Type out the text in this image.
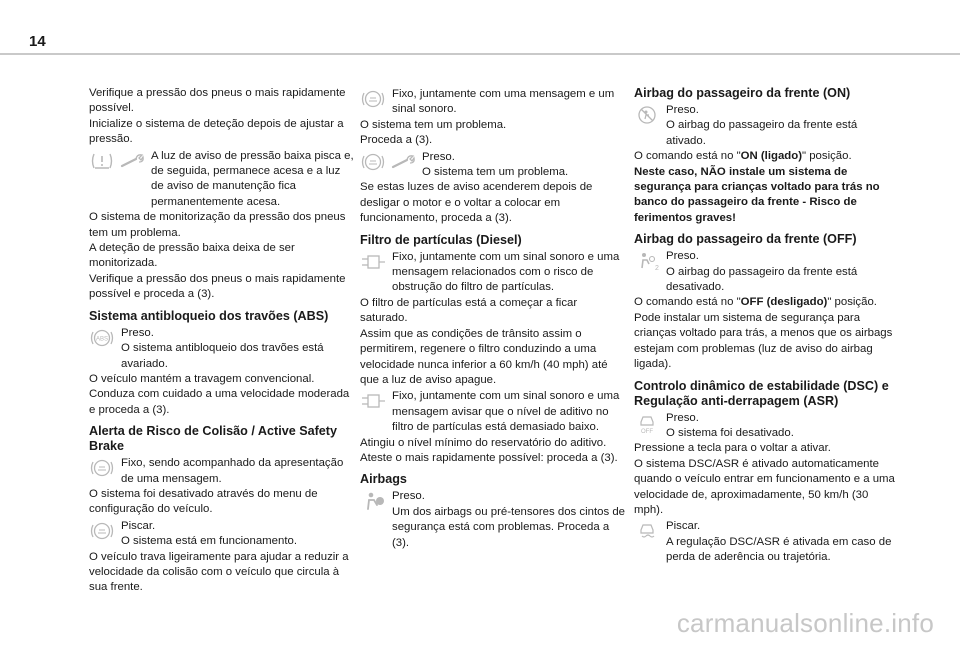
14

Verifique a pressão dos pneus o mais rapidamente possível.

Inicialize o sistema de deteção depois de ajustar a pressão.

A luz de aviso de pressão baixa pisca e, de seguida, permanece acesa e a luz de aviso de manutenção fica permanentemente acesa.

O sistema de monitorização da pressão dos pneus tem um problema.

A deteção de pressão baixa deixa de ser monitorizada.

Verifique a pressão dos pneus o mais rapidamente possível e proceda a (3).

Sistema antibloqueio dos travões (ABS)
ABS
Preso.
O sistema antibloqueio dos travões está avariado.

O veículo mantém a travagem convencional.

Conduza com cuidado a uma velocidade moderada e proceda a (3).

Alerta de Risco de Colisão / Active Safety Brake
Fixo, sendo acompanhado da apresentação de uma mensagem.

O sistema foi desativado através do menu de configuração do veículo.

Piscar.
O sistema está em funcionamento.

O veículo trava ligeiramente para ajudar a reduzir a velocidade da colisão com o veículo que circula à sua frente.

Fixo, juntamente com uma mensagem e um sinal sonoro.

O sistema tem um problema.

Proceda a (3).

Preso.
O sistema tem um problema.

Se estas luzes de aviso acenderem depois de desligar o motor e o voltar a colocar em funcionamento, proceda a (3).

Filtro de partículas (Diesel)
Fixo, juntamente com um sinal sonoro e uma mensagem relacionados com o risco de obstrução do filtro de partículas.

O filtro de partículas está a começar a ficar saturado.

Assim que as condições de trânsito assim o permitirem, regenere o filtro conduzindo a uma velocidade nunca inferior a 60 km/h (40 mph) até que a luz de aviso apague.

Fixo, juntamente com um sinal sonoro e uma mensagem avisar que o nível de aditivo no filtro de partículas está demasiado baixo.

Atingiu o nível mínimo do reservatório do aditivo. Ateste o mais rapidamente possível: proceda a (3).

Airbags
Preso.
Um dos airbags ou pré-tensores dos cintos de segurança está com problemas. Proceda a (3).
Airbag do passageiro da frente (ON)
Preso.
O airbag do passageiro da frente está ativado.

O comando está no "ON (ligado)" posição.

Neste caso, NÃO instale um sistema de segurança para crianças voltado para trás no banco do passageiro da frente - Risco de ferimentos graves!

Airbag do passageiro da frente (OFF)
2
Preso.
O airbag do passageiro da frente está desativado.

O comando está no "OFF (desligado)" posição.

Pode instalar um sistema de segurança para crianças voltado para trás, a menos que os airbags estejam com problemas (luz de aviso do airbag ligada).

Controlo dinâmico de estabilidade (DSC) e Regulação anti-derrapagem (ASR)
OFF
Preso.
O sistema foi desativado.

Pressione a tecla para o voltar a ativar.

O sistema DSC/ASR é ativado automaticamente quando o veículo entrar em funcionamento e a uma velocidade de, aproximadamente, 50 km/h (30 mph).

Piscar.
A regulação DSC/ASR é ativada em caso de perda de aderência ou trajetória.
carmanualsonline.info
